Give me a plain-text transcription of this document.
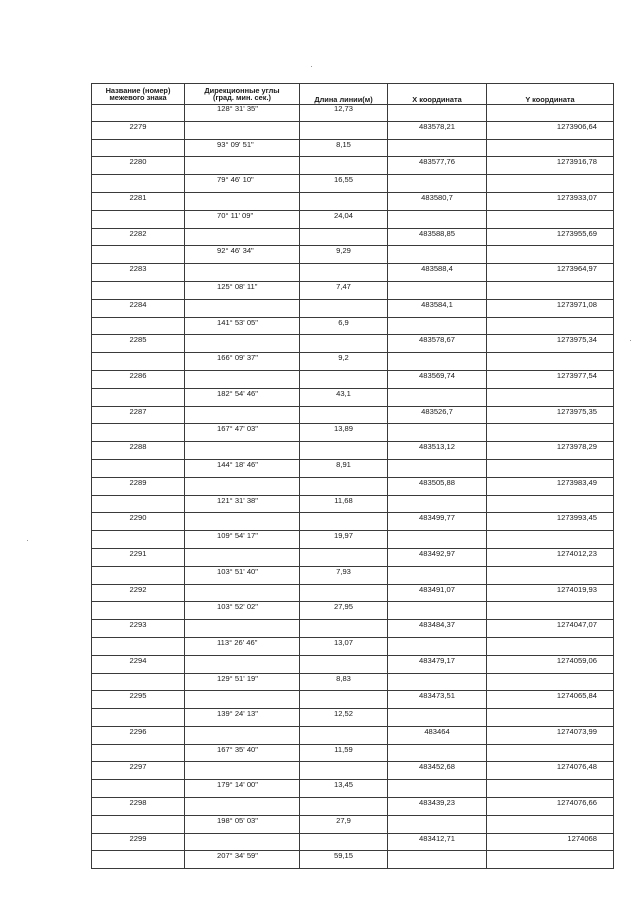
Название (номер)
межевого знака	Дирекционные углы
(град. мин. сек.)	Длина линии(м)	X координата	Y координата
	128° 31' 35"	12,73		
2279			483578,21	1273906,64
	93° 09' 51"	8,15		
2280			483577,76	1273916,78
	79° 46' 10"	16,55		
2281			483580,7	1273933,07
	70° 11' 09"	24,04		
2282			483588,85	1273955,69
	92° 46' 34"	9,29		
2283			483588,4	1273964,97
	125° 08' 11"	7,47		
2284			483584,1	1273971,08
	141° 53' 05"	6,9		
2285			483578,67	1273975,34
	166° 09' 37"	9,2		
2286			483569,74	1273977,54
	182° 54' 46"	43,1		
2287			483526,7	1273975,35
	167° 47' 03"	13,89		
2288			483513,12	1273978,29
	144° 18' 46"	8,91		
2289			483505,88	1273983,49
	121° 31' 38"	11,68		
2290			483499,77	1273993,45
	109° 54' 17"	19,97		
2291			483492,97	1274012,23
	103° 51' 40"	7,93		
2292			483491,07	1274019,93
	103° 52' 02"	27,95		
2293			483484,37	1274047,07
	113° 26' 46"	13,07		
2294			483479,17	1274059,06
	129° 51' 19"	8,83		
2295			483473,51	1274065,84
	139° 24' 13"	12,52		
2296			483464	1274073,99
	167° 35' 40"	11,59		
2297			483452,68	1274076,48
	179° 14' 00"	13,45		
2298			483439,23	1274076,66
	198° 05' 03"	27,9		
2299			483412,71	1274068
	207° 34' 59"	59,15		
